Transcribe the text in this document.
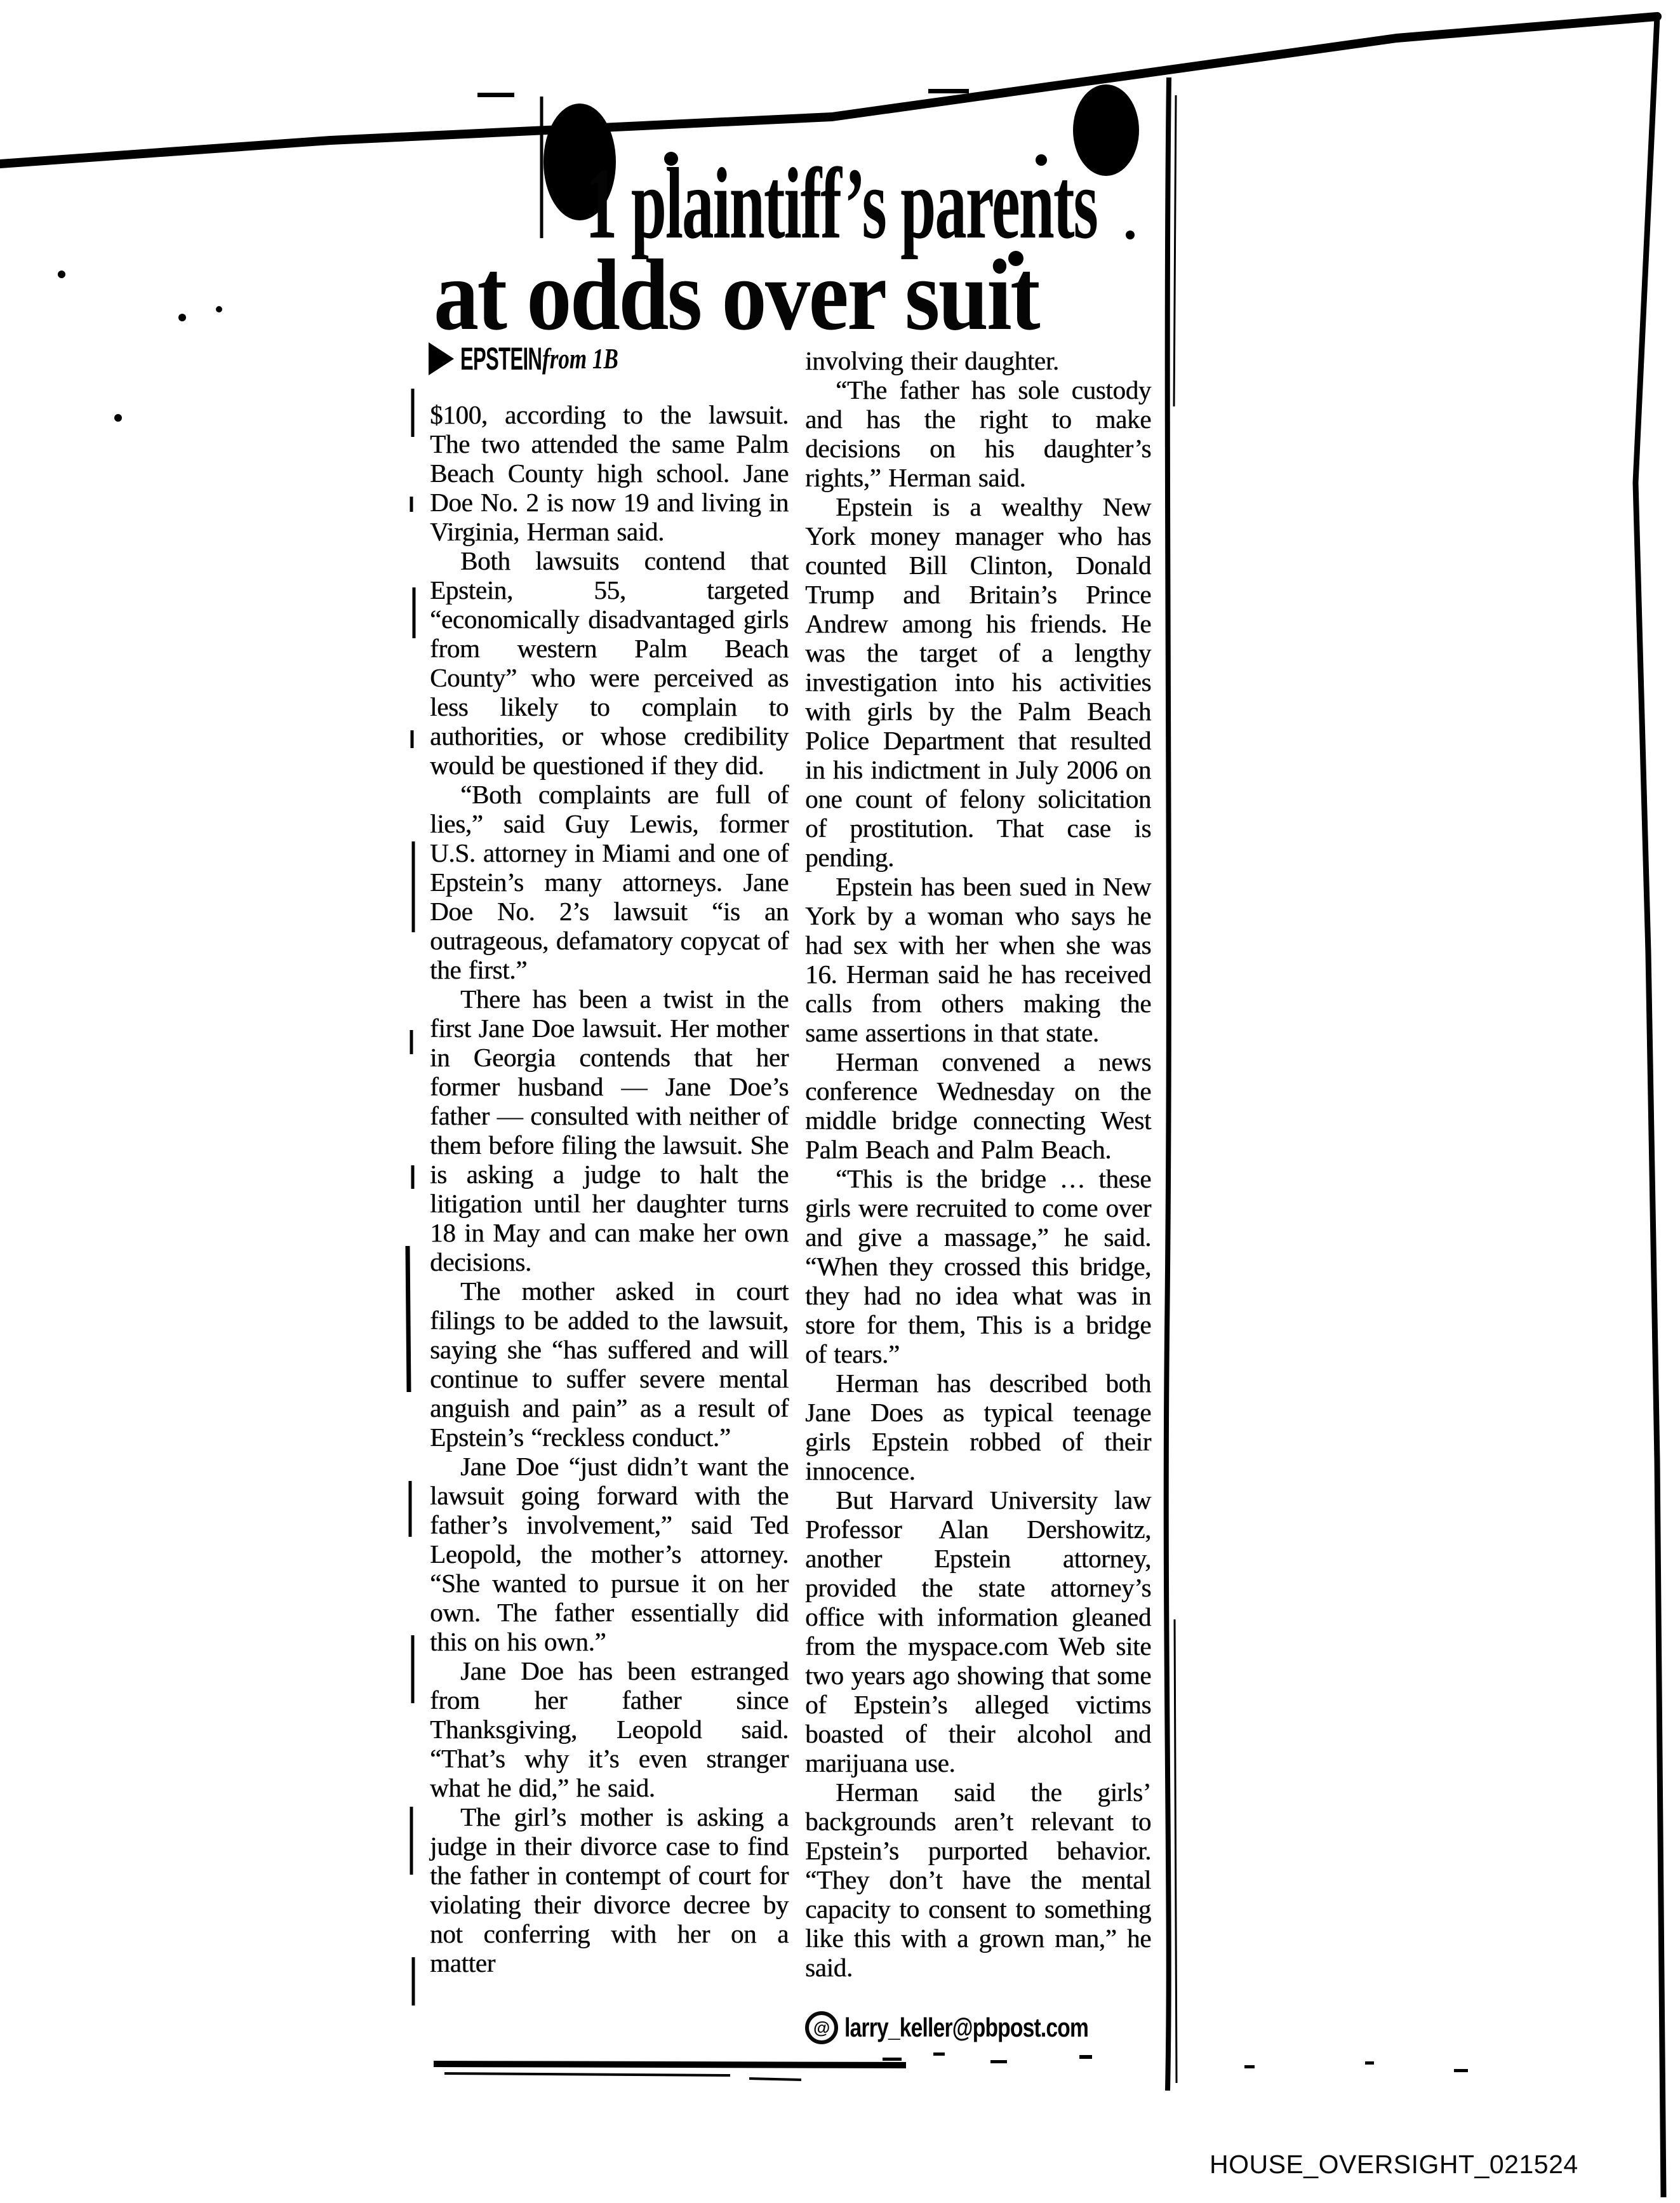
1 plaintiff’s parents
at odds over suit
EPSTEIN from 1B

$100, according to the lawsuit. The two attended the same Palm Beach County high school. Jane Doe No. 2 is now 19 and living in Virginia, Herman said.

Both lawsuits contend that Epstein, 55, targeted “economically disadvantaged girls from western Palm Beach County” who were perceived as less likely to complain to authorities, or whose credibility would be questioned if they did.

“Both complaints are full of lies,” said Guy Lewis, former U.S. attorney in Miami and one of Epstein’s many attorneys. Jane Doe No. 2’s lawsuit “is an outrageous, defamatory copycat of the first.”

There has been a twist in the first Jane Doe lawsuit. Her mother in Georgia contends that her former husband — Jane Doe’s father — consulted with neither of them before filing the lawsuit. She is asking a judge to halt the litigation until her daughter turns 18 in May and can make her own decisions.

The mother asked in court filings to be added to the lawsuit, saying she “has suffered and will continue to suffer severe mental anguish and pain” as a result of Epstein’s “reckless conduct.”

Jane Doe “just didn’t want the lawsuit going forward with the father’s involvement,” said Ted Leopold, the mother’s attorney. “She wanted to pursue it on her own. The father essentially did this on his own.”

Jane Doe has been estranged from her father since Thanksgiving, Leopold said. “That’s why it’s even stranger what he did,” he said.

The girl’s mother is asking a judge in their divorce case to find the father in contempt of court for violating their divorce decree by not conferring with her on a matter

involving their daughter.

“The father has sole custody and has the right to make decisions on his daughter’s rights,” Herman said.

Epstein is a wealthy New York money manager who has counted Bill Clinton, Donald Trump and Britain’s Prince Andrew among his friends. He was the target of a lengthy investigation into his activities with girls by the Palm Beach Police Department that resulted in his indictment in July 2006 on one count of felony solicitation of prostitution. That case is pending.

Epstein has been sued in New York by a woman who says he had sex with her when she was 16. Herman said he has received calls from others making the same assertions in that state.

Herman convened a news conference Wednesday on the middle bridge connecting West Palm Beach and Palm Beach.

“This is the bridge … these girls were recruited to come over and give a massage,” he said. “When they crossed this bridge, they had no idea what was in store for them, This is a bridge of tears.”

Herman has described both Jane Does as typical teenage girls Epstein robbed of their innocence.

But Harvard University law Professor Alan Dershowitz, another Epstein attorney, provided the state attorney’s office with information gleaned from the myspace.com Web site two years ago showing that some of Epstein’s alleged victims boasted of their alcohol and marijuana use.

Herman said the girls’ backgrounds aren’t relevant to Epstein’s purported behavior. “They don’t have the mental capacity to consent to something like this with a grown man,” he said.

@ larry_keller@pbpost.com
HOUSE_OVERSIGHT_021524
